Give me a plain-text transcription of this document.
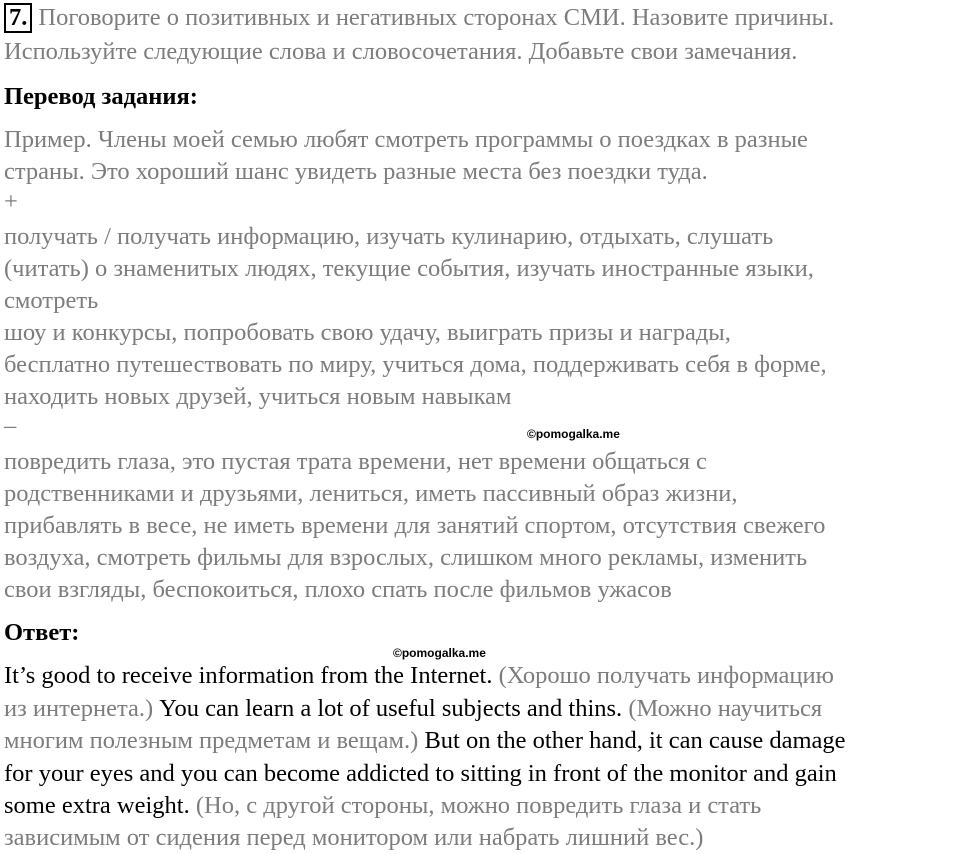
7. Поговорите о позитивных и негативных сторонах СМИ. Назовите причины.
Используйте следующие слова и словосочетания. Добавьте свои замечания.
Перевод задания:
Пример. Члены моей семью любят смотреть программы о поездках в разные
страны. Это хороший шанс увидеть разные места без поездки туда.
+
получать / получать информацию, изучать кулинарию, отдыхать, слушать
(читать) о знаменитых людях, текущие события, изучать иностранные языки,
смотреть
шоу и конкурсы, попробовать свою удачу, выиграть призы и награды,
бесплатно путешествовать по миру, учиться дома, поддерживать себя в форме,
находить новых друзей, учиться новым навыкам
–
повредить глаза, это пустая трата времени, нет времени общаться с
родственниками и друзьями, лениться, иметь пассивный образ жизни,
прибавлять в весе, не иметь времени для занятий спортом, отсутствия свежего
воздуха, смотреть фильмы для взрослых, слишком много рекламы, изменить
свои взгляды, беспокоиться, плохо спать после фильмов ужасов
Ответ:
It’s good to receive information from the Internet. (Хорошо получать информацию
из интернета.) You can learn a lot of useful subjects and thins. (Можно научиться
многим полезным предметам и вещам.) But on the other hand, it can cause damage
for your eyes and you can become addicted to sitting in front of the monitor and gain
some extra weight. (Но, с другой стороны, можно повредить глаза и стать
зависимым от сидения перед монитором или набрать лишний вес.)
©pomogalka.me
©pomogalka.me
